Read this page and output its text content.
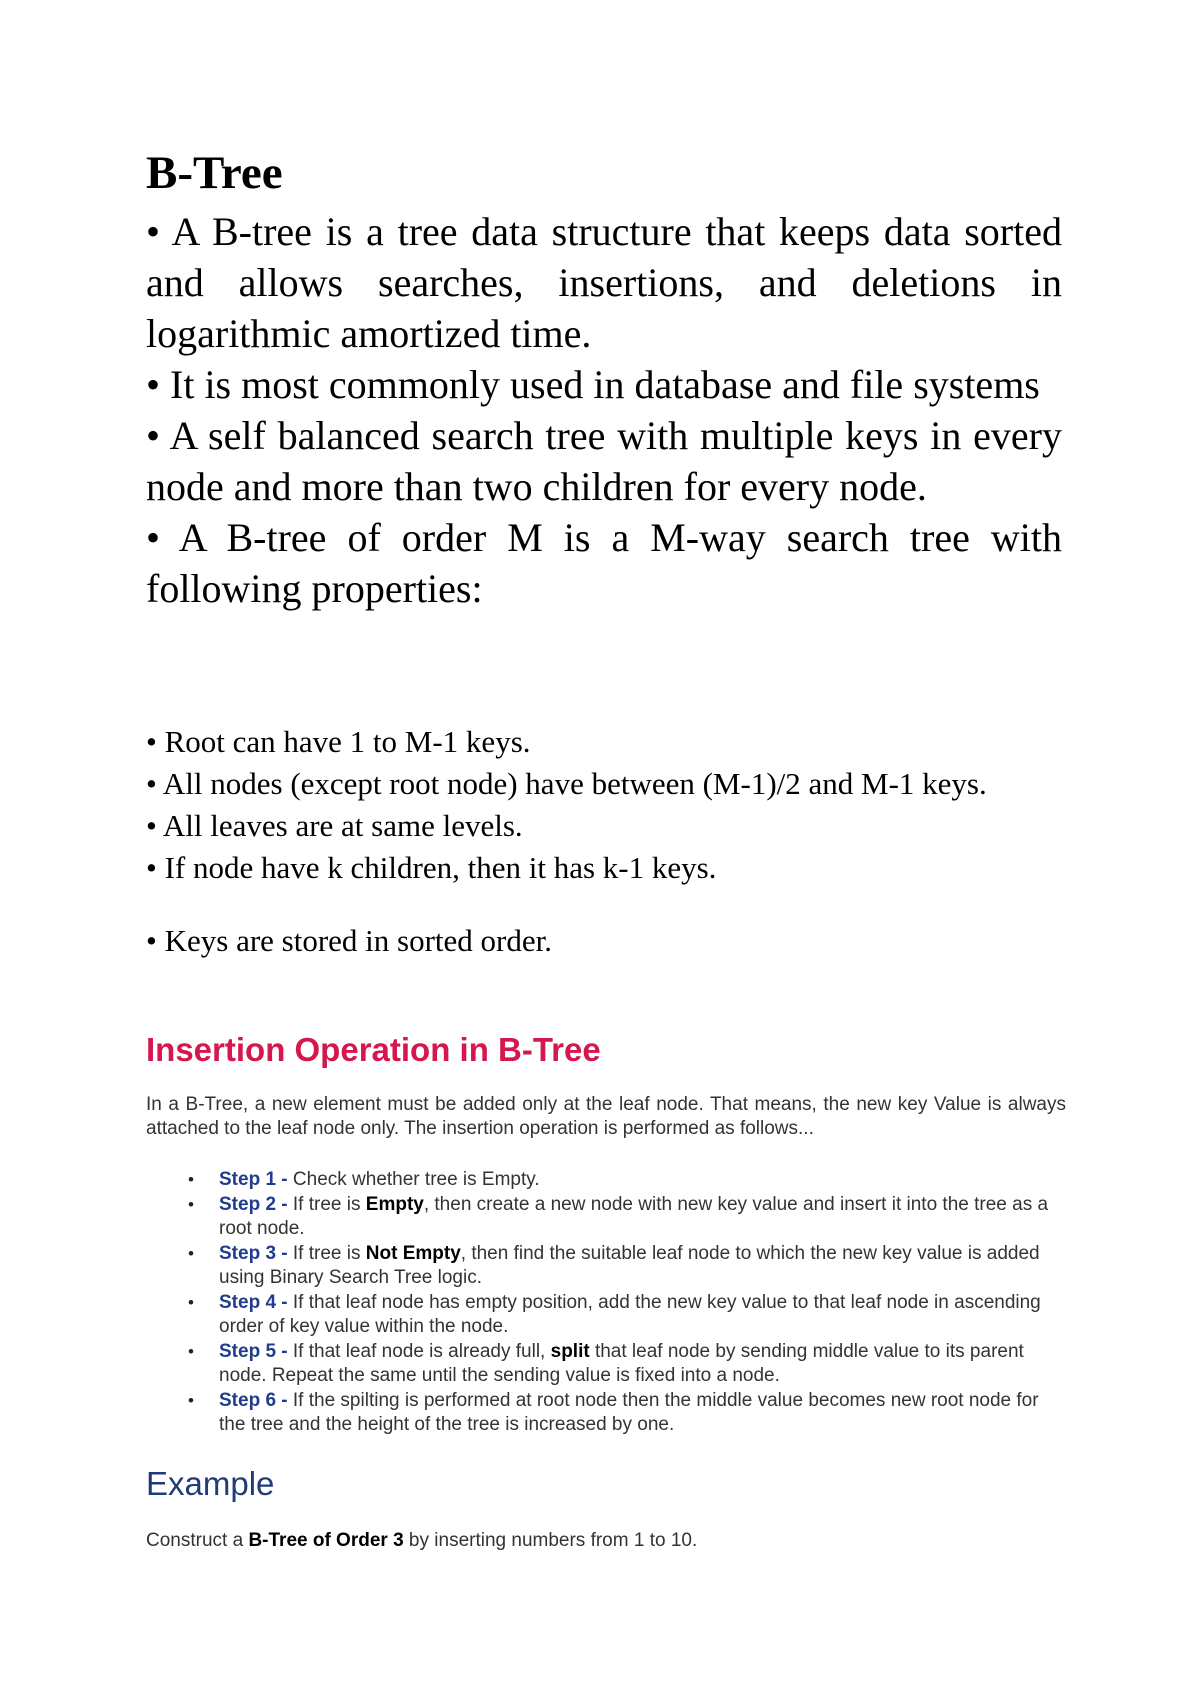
B-Tree
• A B-tree is a tree data structure that keeps data sorted and allows searches, insertions, and deletions in logarithmic amortized time.
• It is most commonly used in database and file systems
• A self balanced search tree with multiple keys in every node and more than two children for every node.
• A B-tree of order M is a M-way search tree with following properties:
• Root can have 1 to M-1 keys.
• All nodes (except root node) have between (M-1)/2 and M-1 keys.
• All leaves are at same levels.
• If node have k children, then it has k-1 keys.
• Keys are stored in sorted order.
Insertion Operation in B-Tree

In a B-Tree, a new element must be added only at the leaf node. That means, the new key Value is always attached to the leaf node only. The insertion operation is performed as follows...

• Step 1 - Check whether tree is Empty.
• Step 2 - If tree is Empty, then create a new node with new key value and insert it into the tree as a root node.
• Step 3 - If tree is Not Empty, then find the suitable leaf node to which the new key value is added using Binary Search Tree logic.
• Step 4 - If that leaf node has empty position, add the new key value to that leaf node in ascending order of key value within the node.
• Step 5 - If that leaf node is already full, split that leaf node by sending middle value to its parent node. Repeat the same until the sending value is fixed into a node.
• Step 6 - If the spilting is performed at root node then the middle value becomes new root node for the tree and the height of the tree is increased by one.
Example

Construct a B-Tree of Order 3 by inserting numbers from 1 to 10.
